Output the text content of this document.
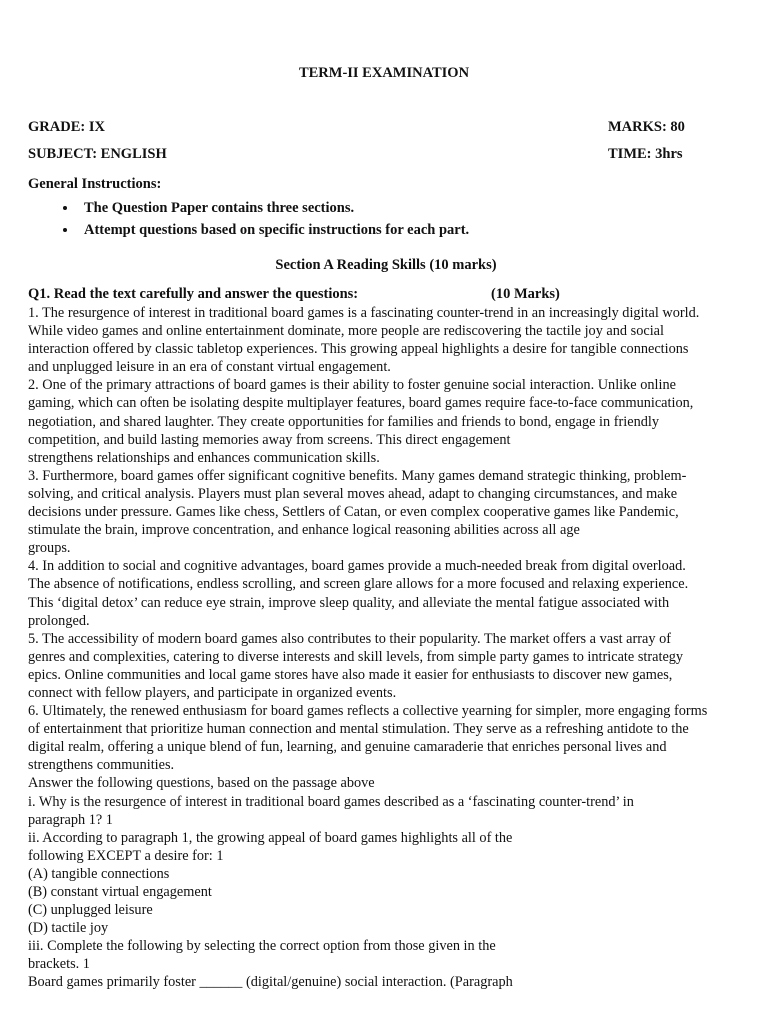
TERM-II EXAMINATION
GRADE: IX	MARKS: 80
SUBJECT: ENGLISH	TIME: 3hrs
General Instructions:
• The Question Paper contains three sections.
• Attempt questions based on specific instructions for each part.
Section A Reading Skills (10 marks)
Q1. Read the text carefully and answer the questions:	(10 Marks)

1. The resurgence of interest in traditional board games is a fascinating counter-trend in an increasingly digital world.
While video games and online entertainment dominate, more people are rediscovering the tactile joy and social
interaction offered by classic tabletop experiences. This growing appeal highlights a desire for tangible connections
and unplugged leisure in an era of constant virtual engagement.

2. One of the primary attractions of board games is their ability to foster genuine social interaction. Unlike online
gaming, which can often be isolating despite multiplayer features, board games require face-to-face communication,
negotiation, and shared laughter. They create opportunities for families and friends to bond, engage in friendly
competition, and build lasting memories away from screens. This direct engagement
strengthens relationships and enhances communication skills.

3. Furthermore, board games offer significant cognitive benefits. Many games demand strategic thinking, problem-
solving, and critical analysis. Players must plan several moves ahead, adapt to changing circumstances, and make
decisions under pressure. Games like chess, Settlers of Catan, or even complex cooperative games like Pandemic,
stimulate the brain, improve concentration, and enhance logical reasoning abilities across all age
groups.

4. In addition to social and cognitive advantages, board games provide a much-needed break from digital overload.
The absence of notifications, endless scrolling, and screen glare allows for a more focused and relaxing experience.
This ‘digital detox’ can reduce eye strain, improve sleep quality, and alleviate the mental fatigue associated with
prolonged.

5. The accessibility of modern board games also contributes to their popularity. The market offers a vast array of
genres and complexities, catering to diverse interests and skill levels, from simple party games to intricate strategy
epics. Online communities and local game stores have also made it easier for enthusiasts to discover new games,
connect with fellow players, and participate in organized events.

6. Ultimately, the renewed enthusiasm for board games reflects a collective yearning for simpler, more engaging forms
of entertainment that prioritize human connection and mental stimulation. They serve as a refreshing antidote to the
digital realm, offering a unique blend of fun, learning, and genuine camaraderie that enriches personal lives and
strengthens communities.

Answer the following questions, based on the passage above

i. Why is the resurgence of interest in traditional board games described as a ‘fascinating counter-trend’ in
paragraph 1? 1

ii. According to paragraph 1, the growing appeal of board games highlights all of the
following EXCEPT a desire for: 1

(A) tangible connections

(B) constant virtual engagement

(C) unplugged leisure

(D) tactile joy

iii. Complete the following by selecting the correct option from those given in the
brackets. 1

Board games primarily foster ______ (digital/genuine) social interaction. (Paragraph
